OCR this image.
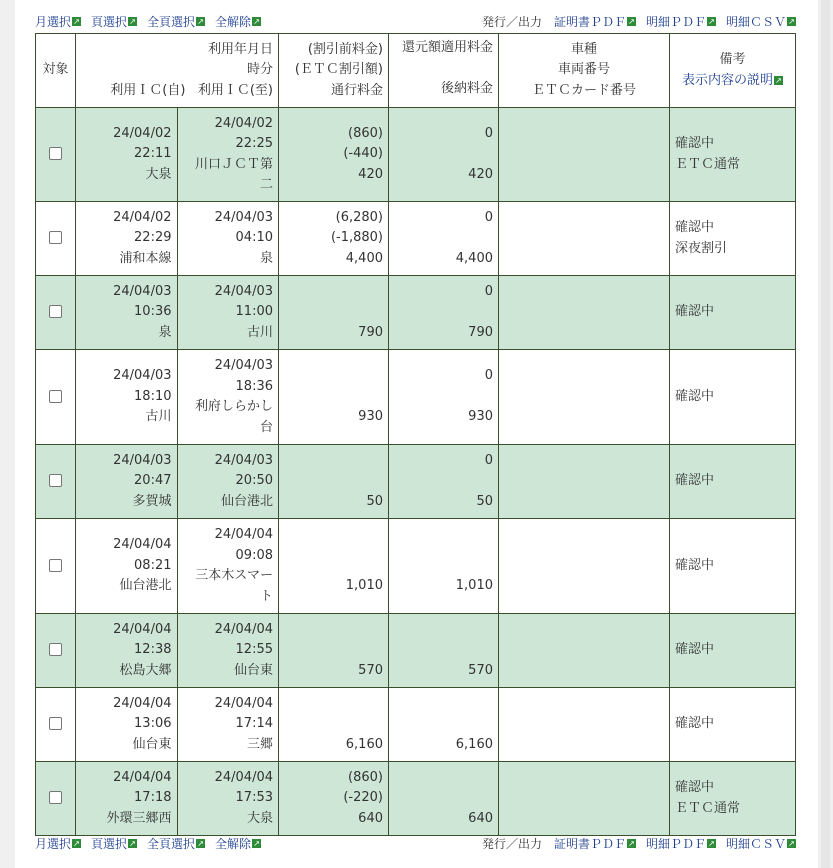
月選択 ↗ 頁選択 ↗ 全頁選択 ↗ 全解除 ↗	発行／出力 証明書ＰＤＦ ↗ 明細ＰＤＦ ↗ 明細ＣＳＶ ↗
対象	利用年月日
時分
利用ＩＣ(自) 利用ＩＣ(至)		(割引前料金)
(ＥＴＣ割引額)
通行料金	還元額適用料金
後納料金	車種
車両番号
ＥＴＣカード番号	備考
表示内容の説明 ↗

	24/04/02
22:11
大泉	24/04/02
22:25
川口ＪＣＴ第二	(860)
(-440)
420	0

420		確認中
ＥＴＣ通常

	24/04/02
22:29
浦和本線	24/04/03
04:10
泉	(6,280)
(-1,880)
4,400	0

4,400		確認中
深夜割引

	24/04/03
10:36
泉	24/04/03
11:00
古川	790	0

790		確認中

	24/04/03
18:10
古川	24/04/03
18:36
利府しらかし台	930	0

930		確認中

	24/04/03
20:47
多賀城	24/04/03
20:50
仙台港北	50	0

50		確認中

	24/04/04
08:21
仙台港北	24/04/04
09:08
三本木スマート	1,010	1,010		確認中

	24/04/04
12:38
松島大郷	24/04/04
12:55
仙台東	570	570		確認中

	24/04/04
13:06
仙台東	24/04/04
17:14
三郷	6,160	6,160		確認中

	24/04/04
17:18
外環三郷西	24/04/04
17:53
大泉	(860)
(-220)
640	640		確認中
ＥＴＣ通常
月選択 ↗ 頁選択 ↗ 全頁選択 ↗ 全解除 ↗	発行／出力 証明書ＰＤＦ ↗ 明細ＰＤＦ ↗ 明細ＣＳＶ ↗
